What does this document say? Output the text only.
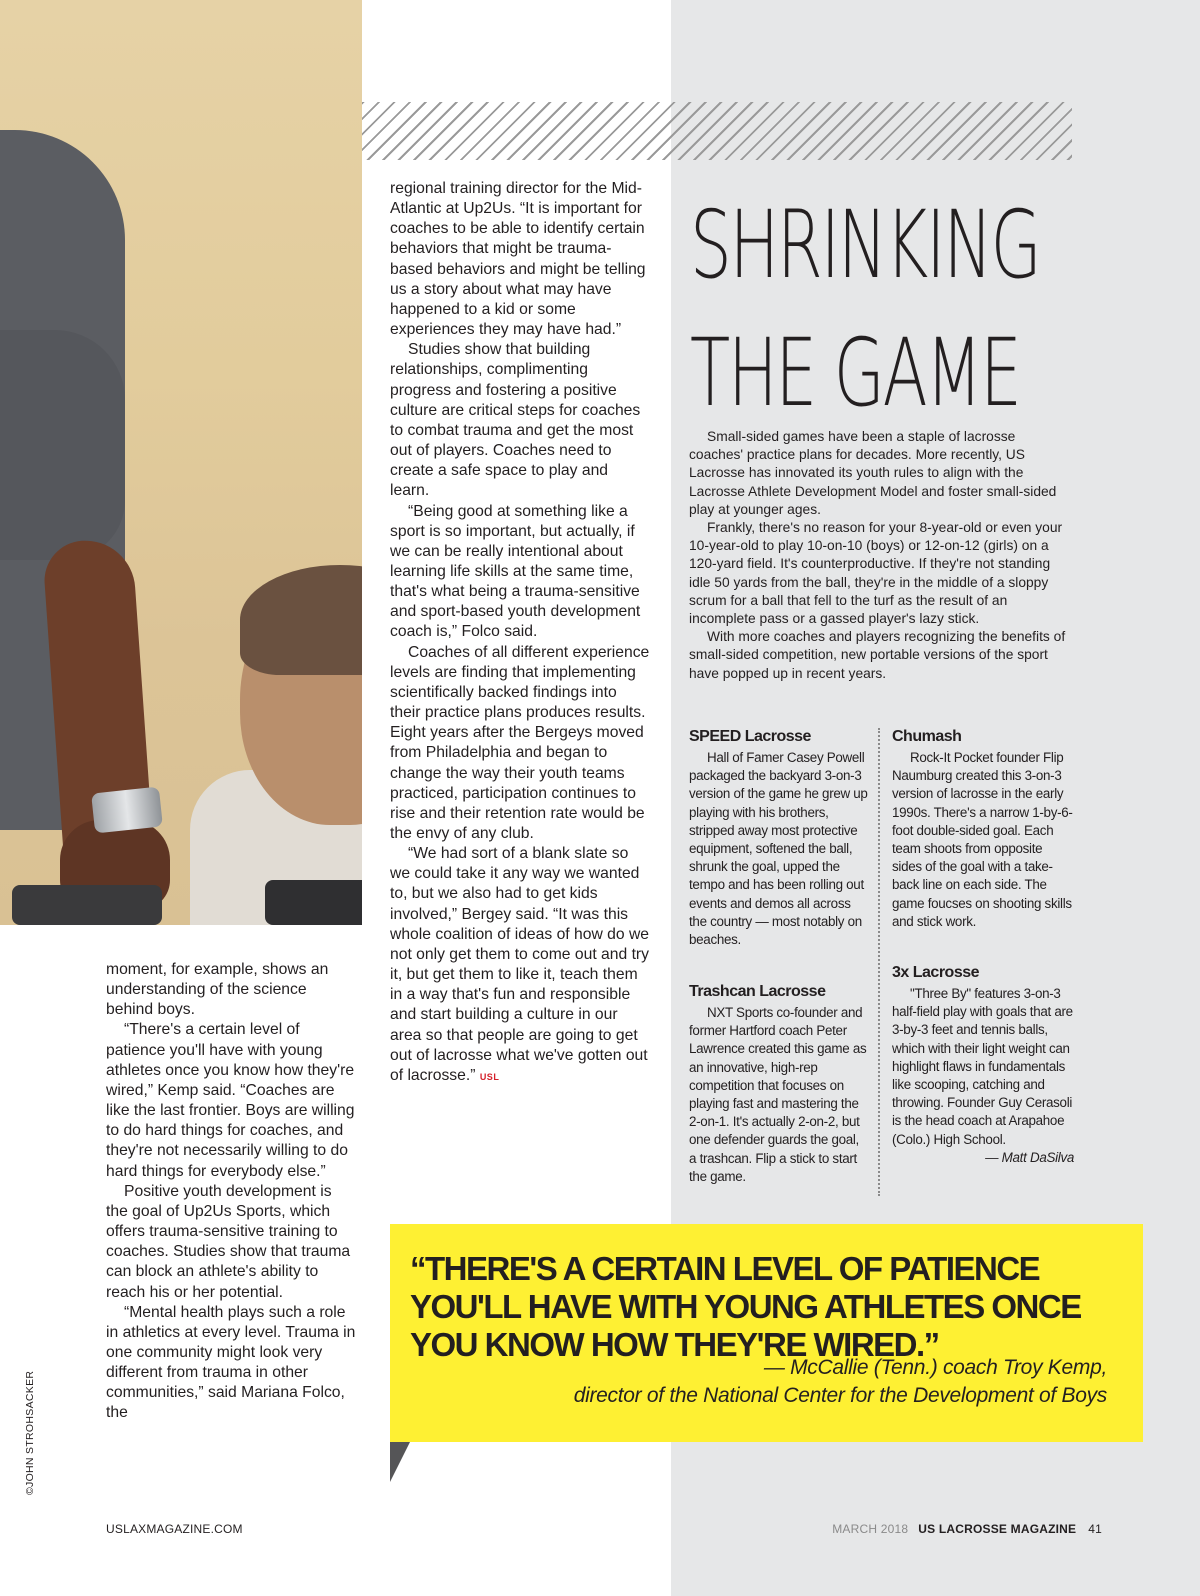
moment, for example, shows an understanding of the science behind boys.

“There's a certain level of patience you'll have with young athletes once you know how they're wired,” Kemp said. “Coaches are like the last frontier. Boys are willing to do hard things for coaches, and they're not necessarily willing to do hard things for everybody else.”

Positive youth development is the goal of Up2Us Sports, which offers trauma-sensitive training to coaches. Studies show that trauma can block an athlete's ability to reach his or her potential.

“Mental health plays such a role in athletics at every level. Trauma in one community might look very different from trauma in other communities,” said Mariana Folco, the

regional training director for the Mid-Atlantic at Up2Us. “It is important for coaches to be able to identify certain behaviors that might be trauma-based behaviors and might be telling us a story about what may have happened to a kid or some experiences they may have had.”

Studies show that building relationships, complimenting progress and fostering a positive culture are critical steps for coaches to combat trauma and get the most out of players. Coaches need to create a safe space to play and learn.

“Being good at something like a sport is so important, but actually, if we can be really intentional about learning life skills at the same time, that's what being a trauma-sensitive and sport-based youth development coach is,” Folco said.

Coaches of all different experience levels are finding that implementing scientifically backed findings into their practice plans produces results. Eight years after the Bergeys moved from Philadelphia and began to change the way their youth teams practiced, participation continues to rise and their retention rate would be the envy of any club.

“We had sort of a blank slate so we could take it any way we wanted to, but we also had to get kids involved,” Bergey said. “It was this whole coalition of ideas of how do we not only get them to come out and try it, but get them to like it, teach them in a way that's fun and responsible and start building a culture in our area so that people are going to get out of lacrosse what we've gotten out of lacrosse.” USL

SHRINKING
THE GAME

Small-sided games have been a staple of lacrosse coaches' practice plans for decades. More recently, US Lacrosse has innovated its youth rules to align with the Lacrosse Athlete Development Model and foster small-sided play at younger ages.

Frankly, there's no reason for your 8-year-old or even your 10-year-old to play 10-on-10 (boys) or 12-on-12 (girls) on a 120-yard field. It's counterproductive. If they're not standing idle 50 yards from the ball, they're in the middle of a sloppy scrum for a ball that fell to the turf as the result of an incomplete pass or a gassed player's lazy stick.

With more coaches and players recognizing the benefits of small-sided competition, new portable versions of the sport have popped up in recent years.

SPEED Lacrosse

Hall of Famer Casey Powell packaged the backyard 3-on-3 version of the game he grew up playing with his brothers, stripped away most protective equipment, softened the ball, shrunk the goal, upped the tempo and has been rolling out events and demos all across the country — most notably on beaches.

Trashcan Lacrosse

NXT Sports co-founder and former Hartford coach Peter Lawrence created this game as an innovative, high-rep competition that focuses on playing fast and mastering the 2-on-1. It's actually 2-on-2, but one defender guards the goal, a trashcan. Flip a stick to start the game.

Chumash

Rock-It Pocket founder Flip Naumburg created this 3-on-3 version of lacrosse in the early 1990s. There's a narrow 1-by-6-foot double-sided goal. Each team shoots from opposite sides of the goal with a take-back line on each side. The game foucses on shooting skills and stick work.

3x Lacrosse

"Three By" features 3-on-3 half-field play with goals that are 3-by-3 feet and tennis balls, which with their light weight can highlight flaws in fundamentals like scooping, catching and throwing. Founder Guy Cerasoli is the head coach at Arapahoe (Colo.) High School.

— Matt DaSilva
“THERE'S A CERTAIN LEVEL OF PATIENCE YOU'LL HAVE WITH YOUNG ATHLETES ONCE YOU KNOW HOW THEY'RE WIRED.”
— McCallie (Tenn.) coach Troy Kemp,
director of the National Center for the Development of Boys
©JOHN STROHSACKER
USLAXMAGAZINE.COM	MARCH 2018 US LACROSSE MAGAZINE 41
